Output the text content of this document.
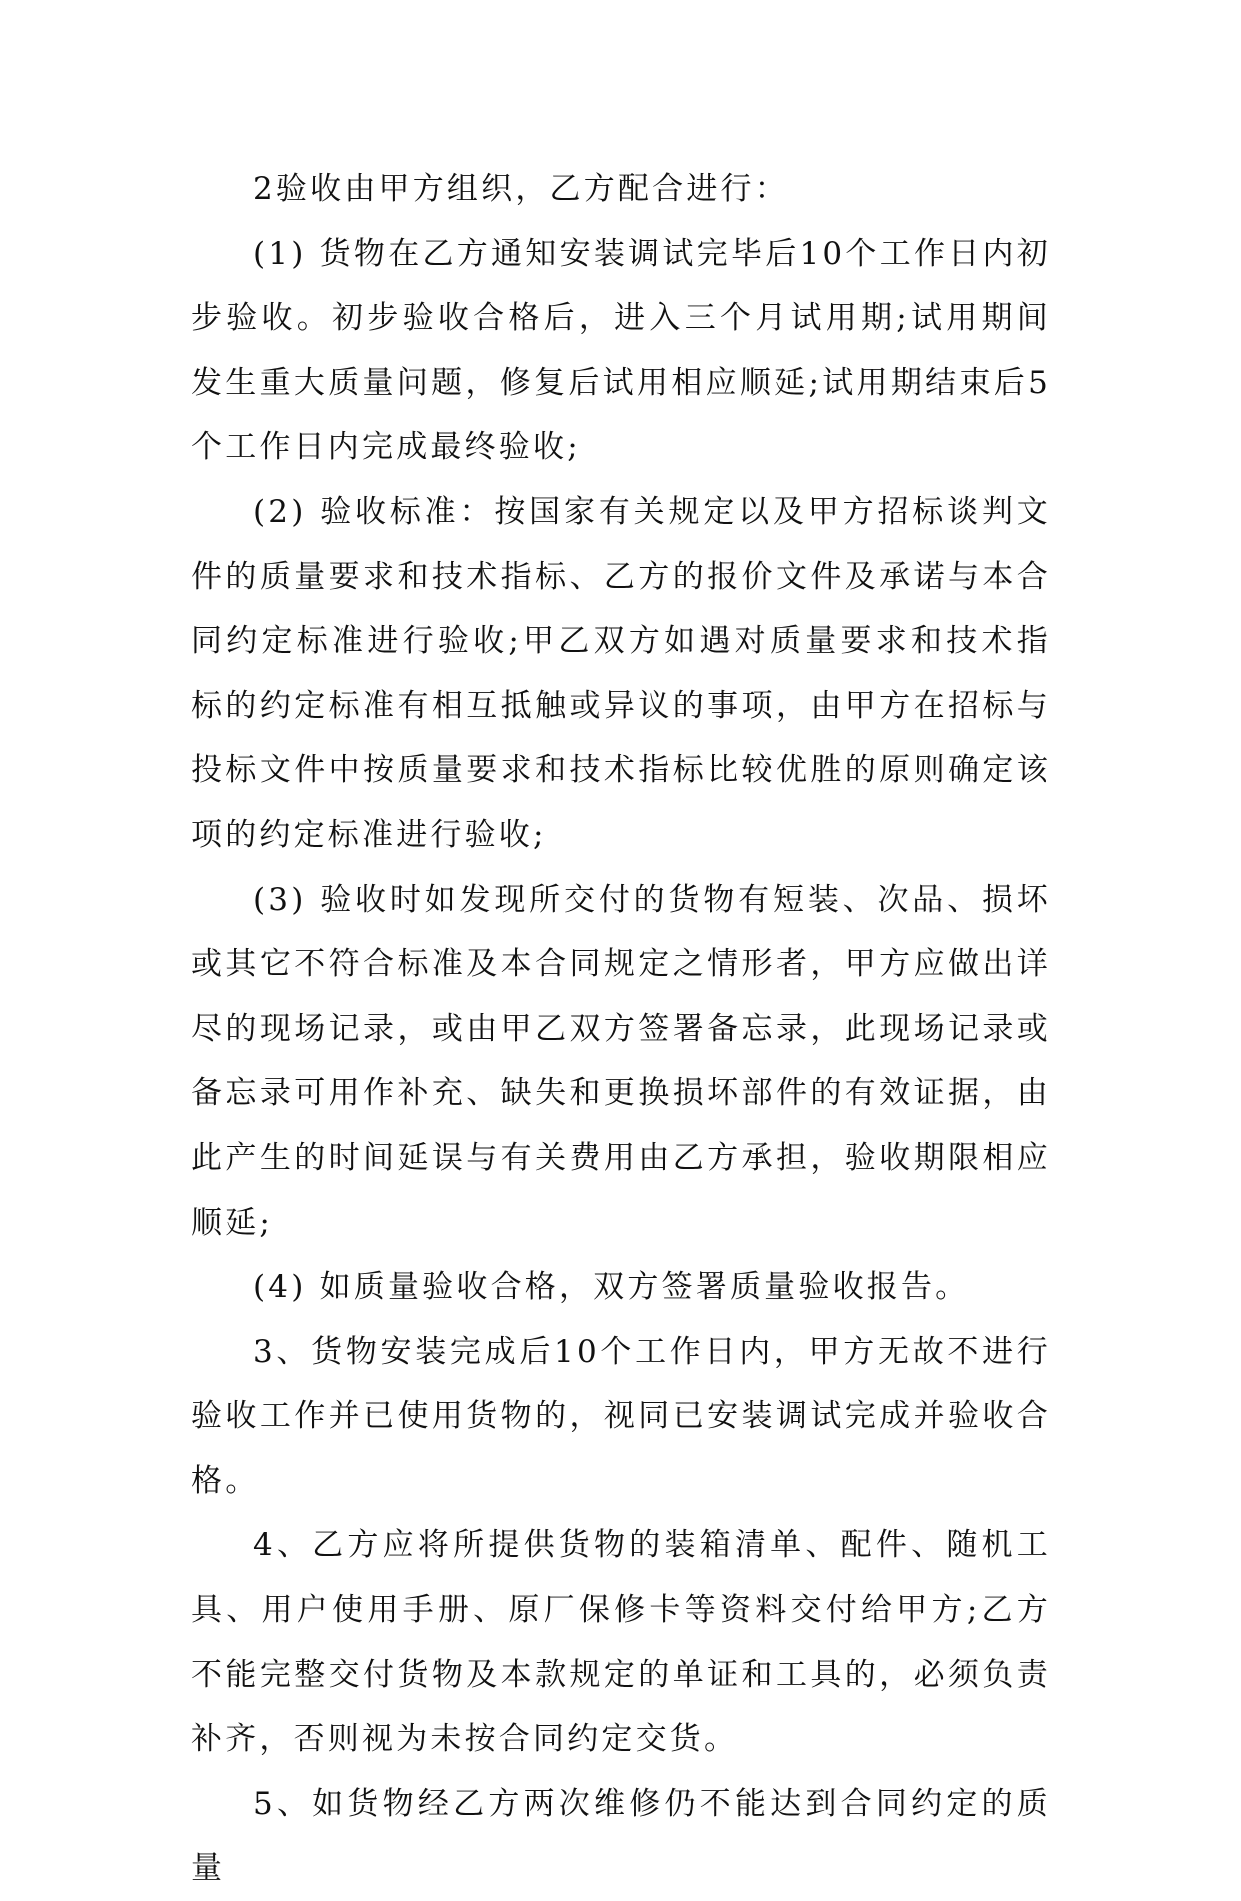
2验收由甲方组织，乙方配合进行：

(1) 货物在乙方通知安装调试完毕后10个工作日内初步验收。初步验收合格后，进入三个月试用期;试用期间发生重大质量问题，修复后试用相应顺延;试用期结束后5个工作日内完成最终验收;

(2) 验收标准：按国家有关规定以及甲方招标谈判文件的质量要求和技术指标、乙方的报价文件及承诺与本合同约定标准进行验收;甲乙双方如遇对质量要求和技术指标的约定标准有相互抵触或异议的事项，由甲方在招标与投标文件中按质量要求和技术指标比较优胜的原则确定该项的约定标准进行验收;

(3) 验收时如发现所交付的货物有短装、次品、损坏或其它不符合标准及本合同规定之情形者，甲方应做出详尽的现场记录，或由甲乙双方签署备忘录，此现场记录或备忘录可用作补充、缺失和更换损坏部件的有效证据，由此产生的时间延误与有关费用由乙方承担，验收期限相应顺延;

(4) 如质量验收合格，双方签署质量验收报告。

3、货物安装完成后10个工作日内，甲方无故不进行验收工作并已使用货物的，视同已安装调试完成并验收合格。

4、乙方应将所提供货物的装箱清单、配件、随机工具、用户使用手册、原厂保修卡等资料交付给甲方;乙方不能完整交付货物及本款规定的单证和工具的，必须负责补齐，否则视为未按合同约定交货。

5、如货物经乙方两次维修仍不能达到合同约定的质量
